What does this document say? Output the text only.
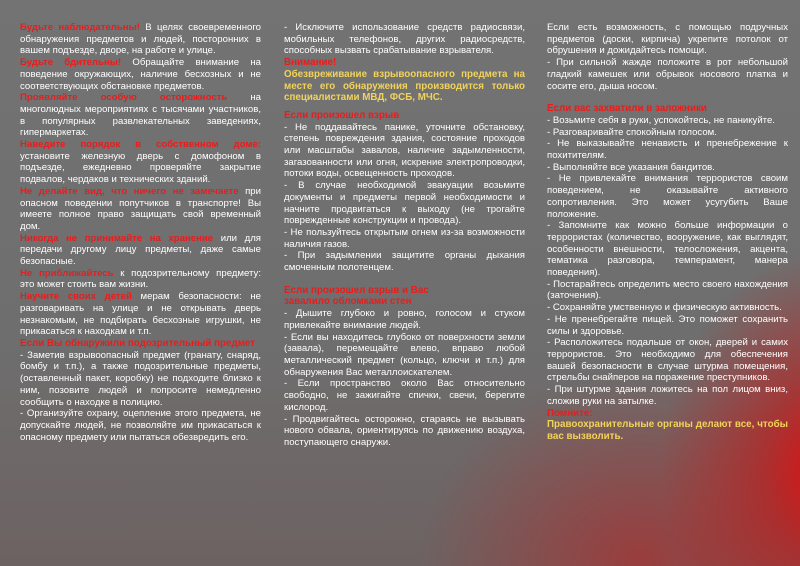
Будьте наблюдательны! В целях своевременного обнаружения предметов и людей, посторонних в вашем подъезде, дворе, на работе и улице.

Будьте бдительны! Обращайте внимание на поведение окружающих, наличие бесхозных и не соответствующих обстановке предметов.

Проявляйте особую осторожность на многолюдных мероприятиях с тысячами участников, в популярных развлекательных заведениях, гипермаркетах.

Наведите порядок в собственном доме: установите железную дверь с домофоном в подъезде, ежедневно проверяйте закрытие подвалов, чердаков и технических зданий.

Не делайте вид, что ничего не замечаете при опасном поведении попутчиков в транспорте! Вы имеете полное право защищать свой временный дом.

Никогда не принимайте на хранение или для передачи другому лицу предметы, даже самые безопасные.

Не приближайтесь к подозрительному предмету: это может стоить вам жизни.

Научите своих детей мерам безопасности: не разговаривать на улице и не открывать дверь незнакомым, не подбирать бесхозные игрушки, не прикасаться к находкам и т.п.

Если Вы обнаружили подозрительный предмет

- Заметив взрывоопасный предмет (гранату, снаряд, бомбу и т.п.), а также подозрительные предметы, (оставленный пакет, коробку) не подходите близко к ним, позовите людей и попросите немедленно сообщить о находке в полицию.

- Организуйте охрану, оцепление этого предмета, не допускайте людей, не позволяйте им прикасаться к опасному предмету или пытаться обезвредить его.

- Исключите использование средств радиосвязи, мобильных телефонов, других радиосредств, способных вызвать срабатывание взрывателя.

Внимание!

Обезвреживание взрывоопасного предмета на месте его обнаружения производится только специалистами МВД, ФСБ, МЧС.

Если произошел взрыв

- Не поддавайтесь панике, уточните обстановку, степень повреждения здания, состояние проходов или масштабы завалов, наличие задымленности, загазованности или огня, искрение электропроводки, потоки воды, освещенность проходов.

- В случае необходимой эвакуации возьмите документы и предметы первой необходимости и начните продвигаться к выходу (не трогайте поврежденные конструкции и провода).

- Не пользуйтесь открытым огнем из-за возможности наличия газов.

- При задымлении защитите органы дыхания смоченным полотенцем.

Если произошел взрыв и Вас

завалило обломками стен

- Дышите глубоко и ровно, голосом и стуком привлекайте внимание людей.

- Если вы находитесь глубоко от поверхности земли (завала), перемещайте влево, вправо любой металлический предмет (кольцо, ключи и т.п.) для обнаружения Вас металлоискателем.

- Если пространство около Вас относительно свободно, не зажигайте спички, свечи, берегите кислород.

- Продвигайтесь осторожно, стараясь не вызывать нового обвала, ориентируясь по движению воздуха, поступающего снаружи.

Если есть возможность, с помощью подручных предметов (доски, кирпича) укрепите потолок от обрушения и дожидайтесь помощи.

- При сильной жажде положите в рот небольшой гладкий камешек или обрывок носового платка и сосите его, дыша носом.

Если вас захватили в заложники

- Возьмите себя в руки, успокойтесь, не паникуйте.

- Разговаривайте спокойным голосом.

- Не выказывайте ненависть и пренебрежение к похитителям.

- Выполняйте все указания бандитов.

- Не привлекайте внимания террористов своим поведением, не оказывайте активного сопротивления. Это может усугубить Ваше положение.

- Запомните как можно больше информации о террористах (количество, вооружение, как выглядят, особенности внешности, телосложения, акцента, тематика разговора, темперамент, манера поведения).

- Постарайтесь определить место своего нахождения (заточения).

- Сохраняйте умственную и физическую активность.

- Не пренебрегайте пищей. Это поможет сохранить силы и здоровье.

- Расположитесь подальше от окон, дверей и самих террористов. Это необходимо для обеспечения вашей безопасности в случае штурма помещения, стрельбы снайперов на поражение преступников.

- При штурме здания ложитесь на пол лицом вниз, сложив руки на затылке.

Помните:

Правоохранительные органы делают все, чтобы вас вызволить.
